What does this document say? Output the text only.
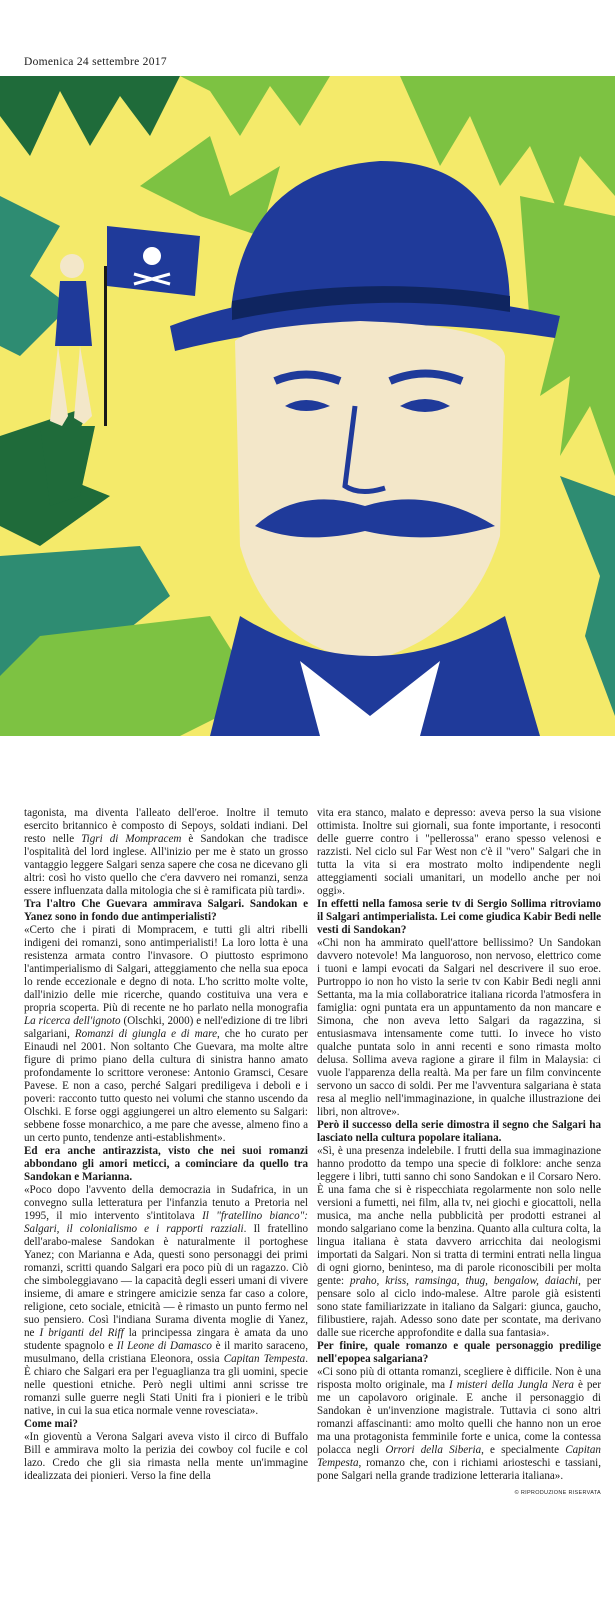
Domenica 24 settembre 2017

tagonista, ma diventa l'alleato dell'eroe. Inoltre il temuto esercito britannico è composto di Sepoys, soldati indiani. Del resto nelle Tigri di Mompracem è Sandokan che tradisce l'ospitalità del lord inglese. All'inizio per me è stato un grosso vantaggio leggere Salgari senza sapere che cosa ne dicevano gli altri: così ho visto quello che c'era davvero nei romanzi, senza essere influenzata dalla mitologia che si è ramificata più tardi».

Tra l'altro Che Guevara ammirava Salgari. Sandokan e Yanez sono in fondo due antimperialisti?

«Certo che i pirati di Mompracem, e tutti gli altri ribelli indigeni dei romanzi, sono antimperialisti! La loro lotta è una resistenza armata contro l'invasore. O piuttosto esprimono l'antimperialismo di Salgari, atteggiamento che nella sua epoca lo rende eccezionale e degno di nota. L'ho scritto molte volte, dall'inizio delle mie ricerche, quando costituiva una vera e propria scoperta. Più di recente ne ho parlato nella monografia La ricerca dell'ignoto (Olschki, 2000) e nell'edizione di tre libri salgariani, Romanzi di giungla e di mare, che ho curato per Einaudi nel 2001. Non soltanto Che Guevara, ma molte altre figure di primo piano della cultura di sinistra hanno amato profondamente lo scrittore veronese: Antonio Gramsci, Cesare Pavese. E non a caso, perché Salgari prediligeva i deboli e i poveri: racconto tutto questo nei volumi che stanno uscendo da Olschki. E forse oggi aggiungerei un altro elemento su Salgari: sebbene fosse monarchico, a me pare che avesse, almeno fino a un certo punto, tendenze anti-establishment».

Ed era anche antirazzista, visto che nei suoi romanzi abbondano gli amori meticci, a cominciare da quello tra Sandokan e Marianna.

«Poco dopo l'avvento della democrazia in Sudafrica, in un convegno sulla letteratura per l'infanzia tenuto a Pretoria nel 1995, il mio intervento s'intitolava Il "fratellino bianco": Salgari, il colonialismo e i rapporti razziali. Il fratellino dell'arabo-malese Sandokan è naturalmente il portoghese Yanez; con Marianna e Ada, questi sono personaggi dei primi romanzi, scritti quando Salgari era poco più di un ragazzo. Ciò che simboleggiavano — la capacità degli esseri umani di vivere insieme, di amare e stringere amicizie senza far caso a colore, religione, ceto sociale, etnicità — è rimasto un punto fermo nel suo pensiero. Così l'indiana Surama diventa moglie di Yanez, ne I briganti del Riff la principessa zingara è amata da uno studente spagnolo e Il Leone di Damasco è il marito saraceno, musulmano, della cristiana Eleonora, ossia Capitan Tempesta. È chiaro che Salgari era per l'eguaglianza tra gli uomini, specie nelle questioni etniche. Però negli ultimi anni scrisse tre romanzi sulle guerre negli Stati Uniti fra i pionieri e le tribù native, in cui la sua etica normale venne rovesciata».

Come mai?

«In gioventù a Verona Salgari aveva visto il circo di Buffalo Bill e ammirava molto la perizia dei cowboy col fucile e col lazo. Credo che gli sia rimasta nella mente un'immagine idealizzata dei pionieri. Verso la fine della

vita era stanco, malato e depresso: aveva perso la sua visione ottimista. Inoltre sui giornali, sua fonte importante, i resoconti delle guerre contro i "pellerossa" erano spesso velenosi e razzisti. Nel ciclo sul Far West non c'è il "vero" Salgari che in tutta la vita si era mostrato molto indipendente negli atteggiamenti sociali umanitari, un modello anche per noi oggi».

In effetti nella famosa serie tv di Sergio Sollima ritroviamo il Salgari antimperialista. Lei come giudica Kabir Bedi nelle vesti di Sandokan?

«Chi non ha ammirato quell'attore bellissimo? Un Sandokan davvero notevole! Ma languoroso, non nervoso, elettrico come i tuoni e lampi evocati da Salgari nel descrivere il suo eroe. Purtroppo io non ho visto la serie tv con Kabir Bedi negli anni Settanta, ma la mia collaboratrice italiana ricorda l'atmosfera in famiglia: ogni puntata era un appuntamento da non mancare e Simona, che non aveva letto Salgari da ragazzina, si entusiasmava intensamente come tutti. Io invece ho visto qualche puntata solo in anni recenti e sono rimasta molto delusa. Sollima aveva ragione a girare il film in Malaysia: ci vuole l'apparenza della realtà. Ma per fare un film convincente servono un sacco di soldi. Per me l'avventura salgariana è stata resa al meglio nell'immaginazione, in qualche illustrazione dei libri, non altrove».

Però il successo della serie dimostra il segno che Salgari ha lasciato nella cultura popolare italiana.

«Sì, è una presenza indelebile. I frutti della sua immaginazione hanno prodotto da tempo una specie di folklore: anche senza leggere i libri, tutti sanno chi sono Sandokan e il Corsaro Nero. È una fama che si è rispecchiata regolarmente non solo nelle versioni a fumetti, nei film, alla tv, nei giochi e giocattoli, nella musica, ma anche nella pubblicità per prodotti estranei al mondo salgariano come la benzina. Quanto alla cultura colta, la lingua italiana è stata davvero arricchita dai neologismi importati da Salgari. Non si tratta di termini entrati nella lingua di ogni giorno, beninteso, ma di parole riconoscibili per molta gente: praho, kriss, ramsinga, thug, bengalow, daiachi, per pensare solo al ciclo indo-malese. Altre parole già esistenti sono state familiarizzate in italiano da Salgari: giunca, gaucho, filibustiere, rajah. Adesso sono date per scontate, ma derivano dalle sue ricerche approfondite e dalla sua fantasia».

Per finire, quale romanzo e quale personaggio predilige nell'epopea salgariana?

«Ci sono più di ottanta romanzi, scegliere è difficile. Non è una risposta molto originale, ma I misteri della Jungla Nera è per me un capolavoro originale. E anche il personaggio di Sandokan è un'invenzione magistrale. Tuttavia ci sono altri romanzi affascinanti: amo molto quelli che hanno non un eroe ma una protagonista femminile forte e unica, come la contessa polacca negli Orrori della Siberia, e specialmente Capitan Tempesta, romanzo che, con i richiami ariosteschi e tassiani, pone Salgari nella grande tradizione letteraria italiana».

© RIPRODUZIONE RISERVATA
